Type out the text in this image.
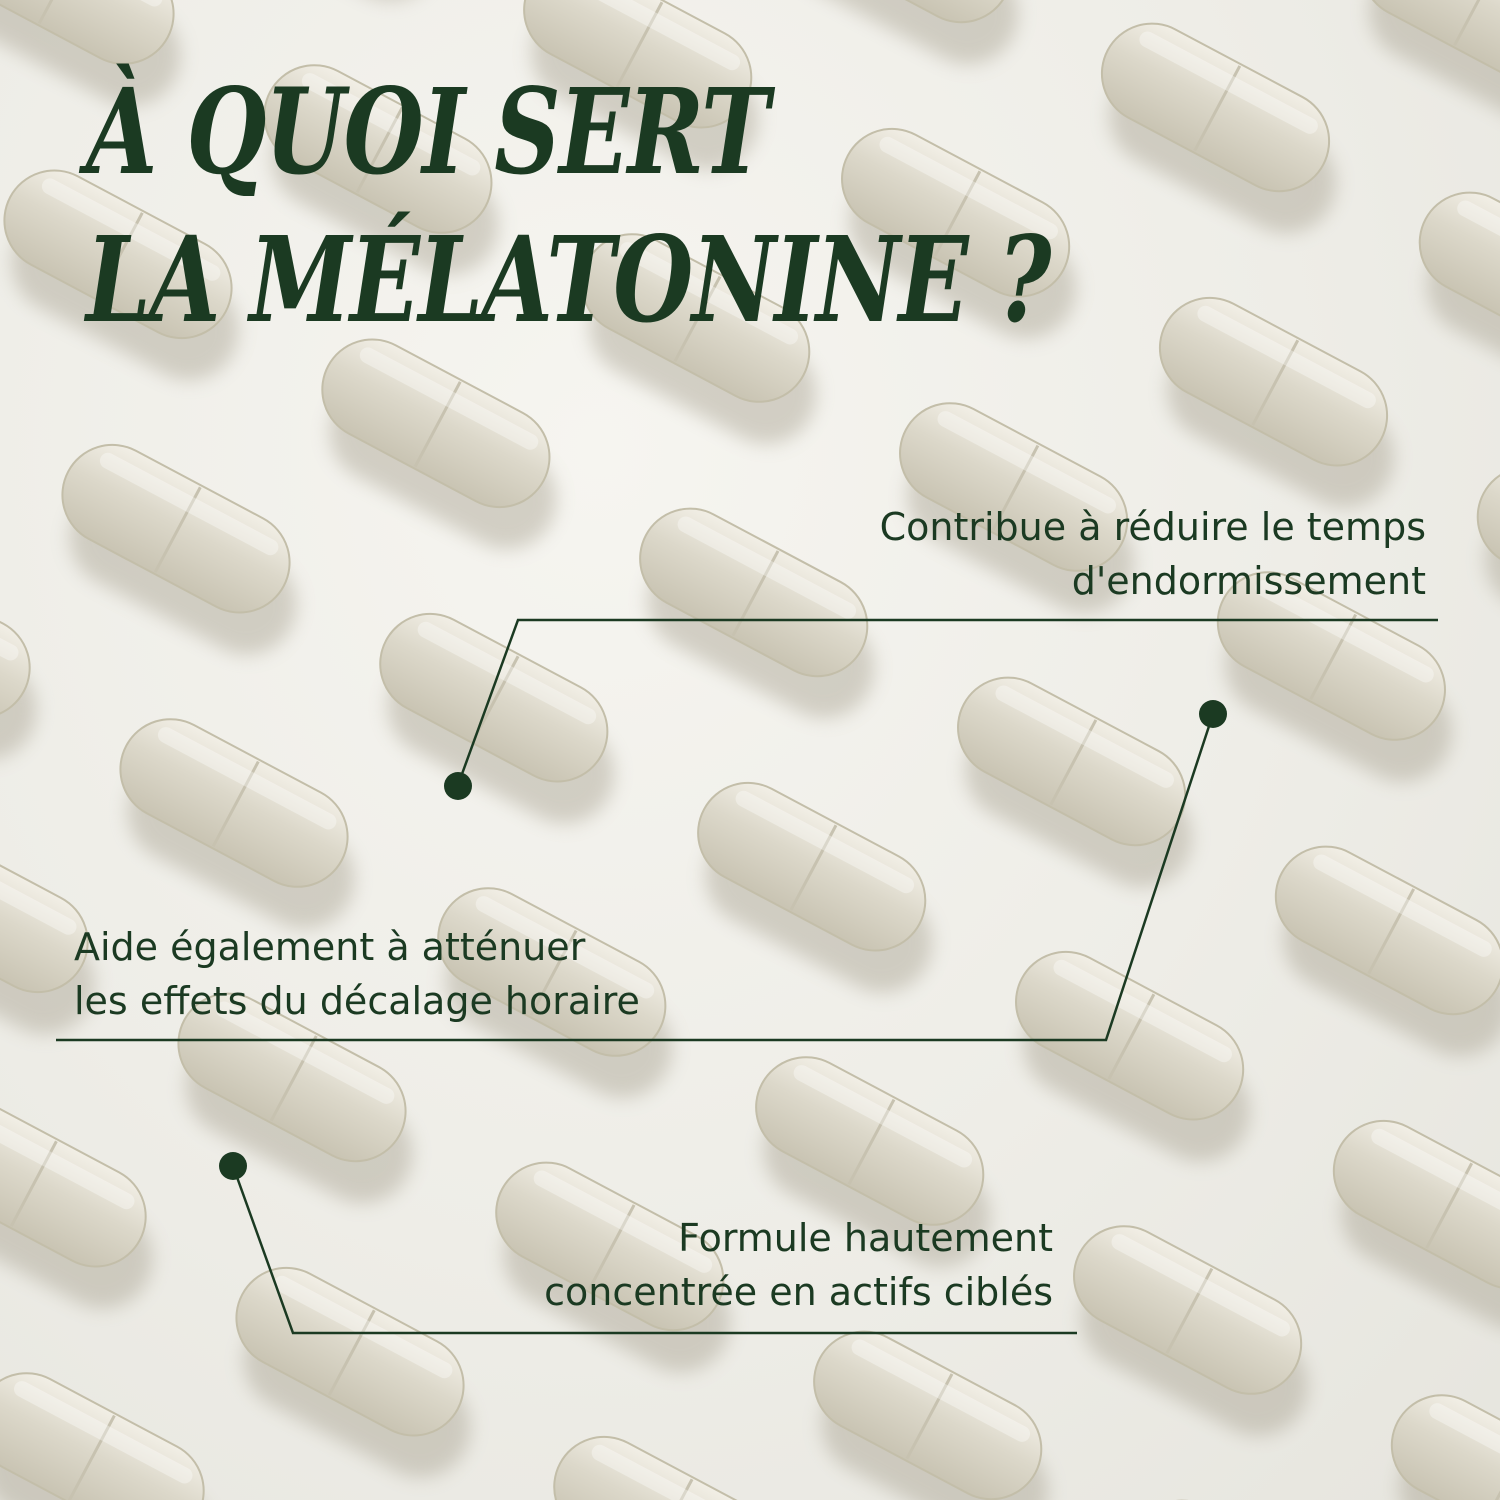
À QUOI SERT
LA MÉLATONINE ?

Contribue à réduire le temps
d'endormissement

Aide également à atténuer
les effets du décalage horaire

Formule hautement
concentrée en actifs ciblés
